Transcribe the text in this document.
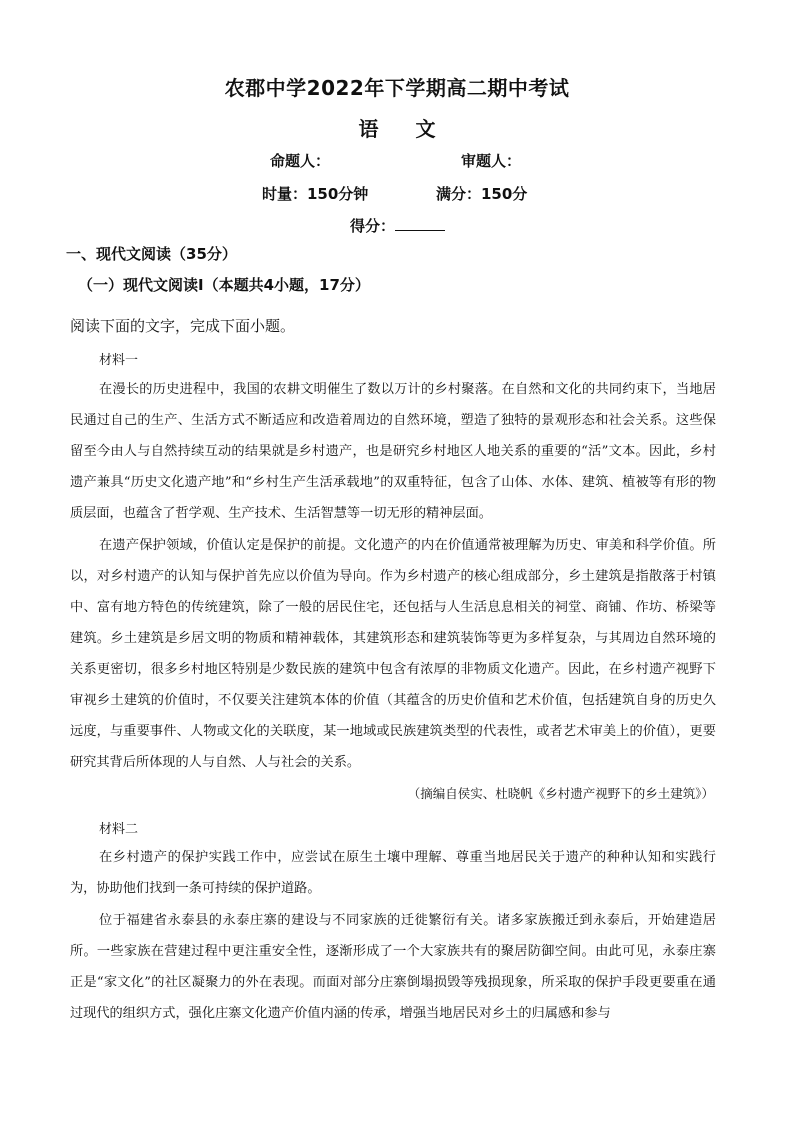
农郡中学2022年下学期高二期中考试
语 文
命题人：	审题人：
时量：150分钟	满分：150分
得分：
一、现代文阅读（35分）
（一）现代文阅读Ⅰ（本题共4小题，17分）
阅读下面的文字，完成下面小题。
材料一

在漫长的历史进程中，我国的农耕文明催生了数以万计的乡村聚落。在自然和文化的共同约束下，当地居民通过自己的生产、生活方式不断适应和改造着周边的自然环境，塑造了独特的景观形态和社会关系。这些保留至今由人与自然持续互动的结果就是乡村遗产，也是研究乡村地区人地关系的重要的“活”文本。因此，乡村遗产兼具“历史文化遗产地”和“乡村生产生活承载地”的双重特征，包含了山体、水体、建筑、植被等有形的物质层面，也蕴含了哲学观、生产技术、生活智慧等一切无形的精神层面。

在遗产保护领域，价值认定是保护的前提。文化遗产的内在价值通常被理解为历史、审美和科学价值。所以，对乡村遗产的认知与保护首先应以价值为导向。作为乡村遗产的核心组成部分，乡土建筑是指散落于村镇中、富有地方特色的传统建筑，除了一般的居民住宅，还包括与人生活息息相关的祠堂、商铺、作坊、桥梁等建筑。乡土建筑是乡居文明的物质和精神载体，其建筑形态和建筑装饰等更为多样复杂，与其周边自然环境的关系更密切，很多乡村地区特别是少数民族的建筑中包含有浓厚的非物质文化遗产。因此，在乡村遗产视野下审视乡土建筑的价值时，不仅要关注建筑本体的价值（其蕴含的历史价值和艺术价值，包括建筑自身的历史久远度，与重要事件、人物或文化的关联度，某一地域或民族建筑类型的代表性，或者艺术审美上的价值），更要研究其背后所体现的人与自然、人与社会的关系。

（摘编自侯实、杜晓帆《乡村遗产视野下的乡土建筑》）
材料二

在乡村遗产的保护实践工作中，应尝试在原生土壤中理解、尊重当地居民关于遗产的种种认知和实践行为，协助他们找到一条可持续的保护道路。

位于福建省永泰县的永泰庄寨的建设与不同家族的迁徙繁衍有关。诸多家族搬迁到永泰后，开始建造居所。一些家族在营建过程中更注重安全性，逐渐形成了一个大家族共有的聚居防御空间。由此可见，永泰庄寨正是“家文化”的社区凝聚力的外在表现。而面对部分庄寨倒塌损毁等残损现象，所采取的保护手段更要重在通过现代的组织方式，强化庄寨文化遗产价值内涵的传承，增强当地居民对乡土的归属感和参与
